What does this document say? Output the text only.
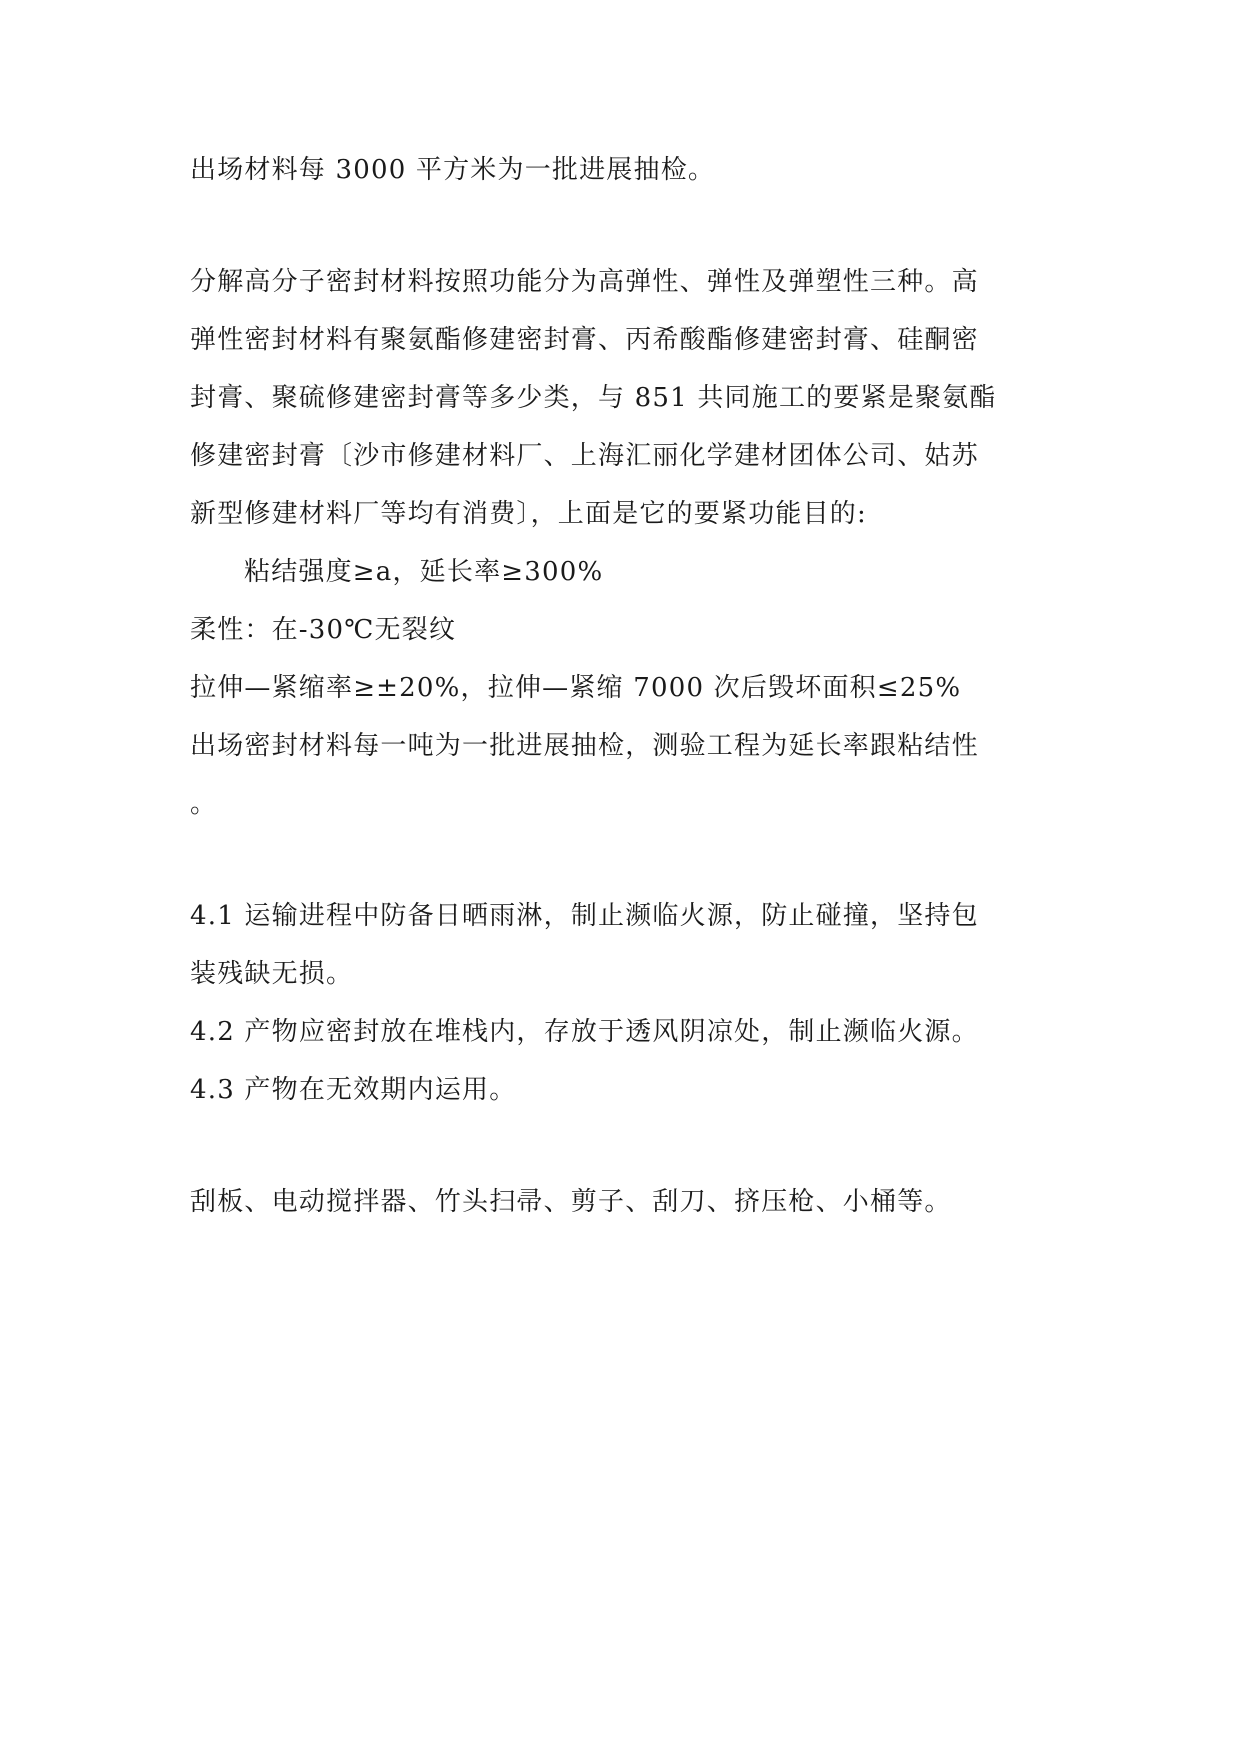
出场材料每 3000 平方米为一批进展抽检。
分解高分子密封材料按照功能分为高弹性、弹性及弹塑性三种。高
弹性密封材料有聚氨酯修建密封膏、丙希酸酯修建密封膏、硅酮密
封膏、聚硫修建密封膏等多少类，与 851 共同施工的要紧是聚氨酯
修建密封膏〔沙市修建材料厂、上海汇丽化学建材团体公司、姑苏
新型修建材料厂等均有消费〕，上面是它的要紧功能目的:
粘结强度≥a，延长率≥300%
柔性：在-30℃无裂纹
拉伸—紧缩率≥±20%，拉伸—紧缩 7000 次后毁坏面积≤25%
出场密封材料每一吨为一批进展抽检，测验工程为延长率跟粘结性
。
4.1 运输进程中防备日晒雨淋，制止濒临火源，防止碰撞，坚持包
装残缺无损。
4.2 产物应密封放在堆栈内，存放于透风阴凉处，制止濒临火源。
4.3 产物在无效期内运用。
刮板、电动搅拌器、竹头扫帚、剪子、刮刀、挤压枪、小桶等。
